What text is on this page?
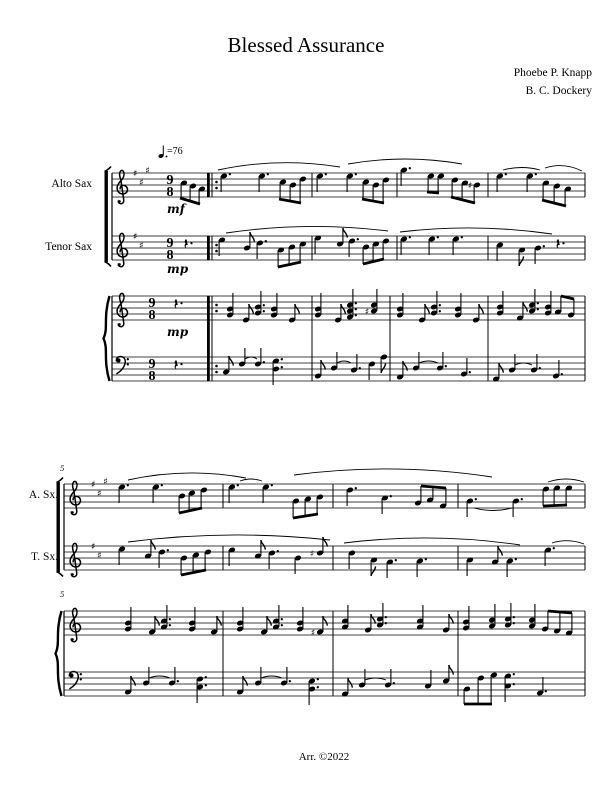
♯
♯
♯
9
8	♯
♯
♯ 9
8
9
8	♯
9
8
♯
♯
♯
♯
♯	♯
♯
Blessed Assurance
Phoebe P. Knapp
B. C. Dockery
=76
Alto Sax
Tenor Sax
A. Sx.
T. Sx.
mf
mp
mp
5
5
Arr. ©2022
